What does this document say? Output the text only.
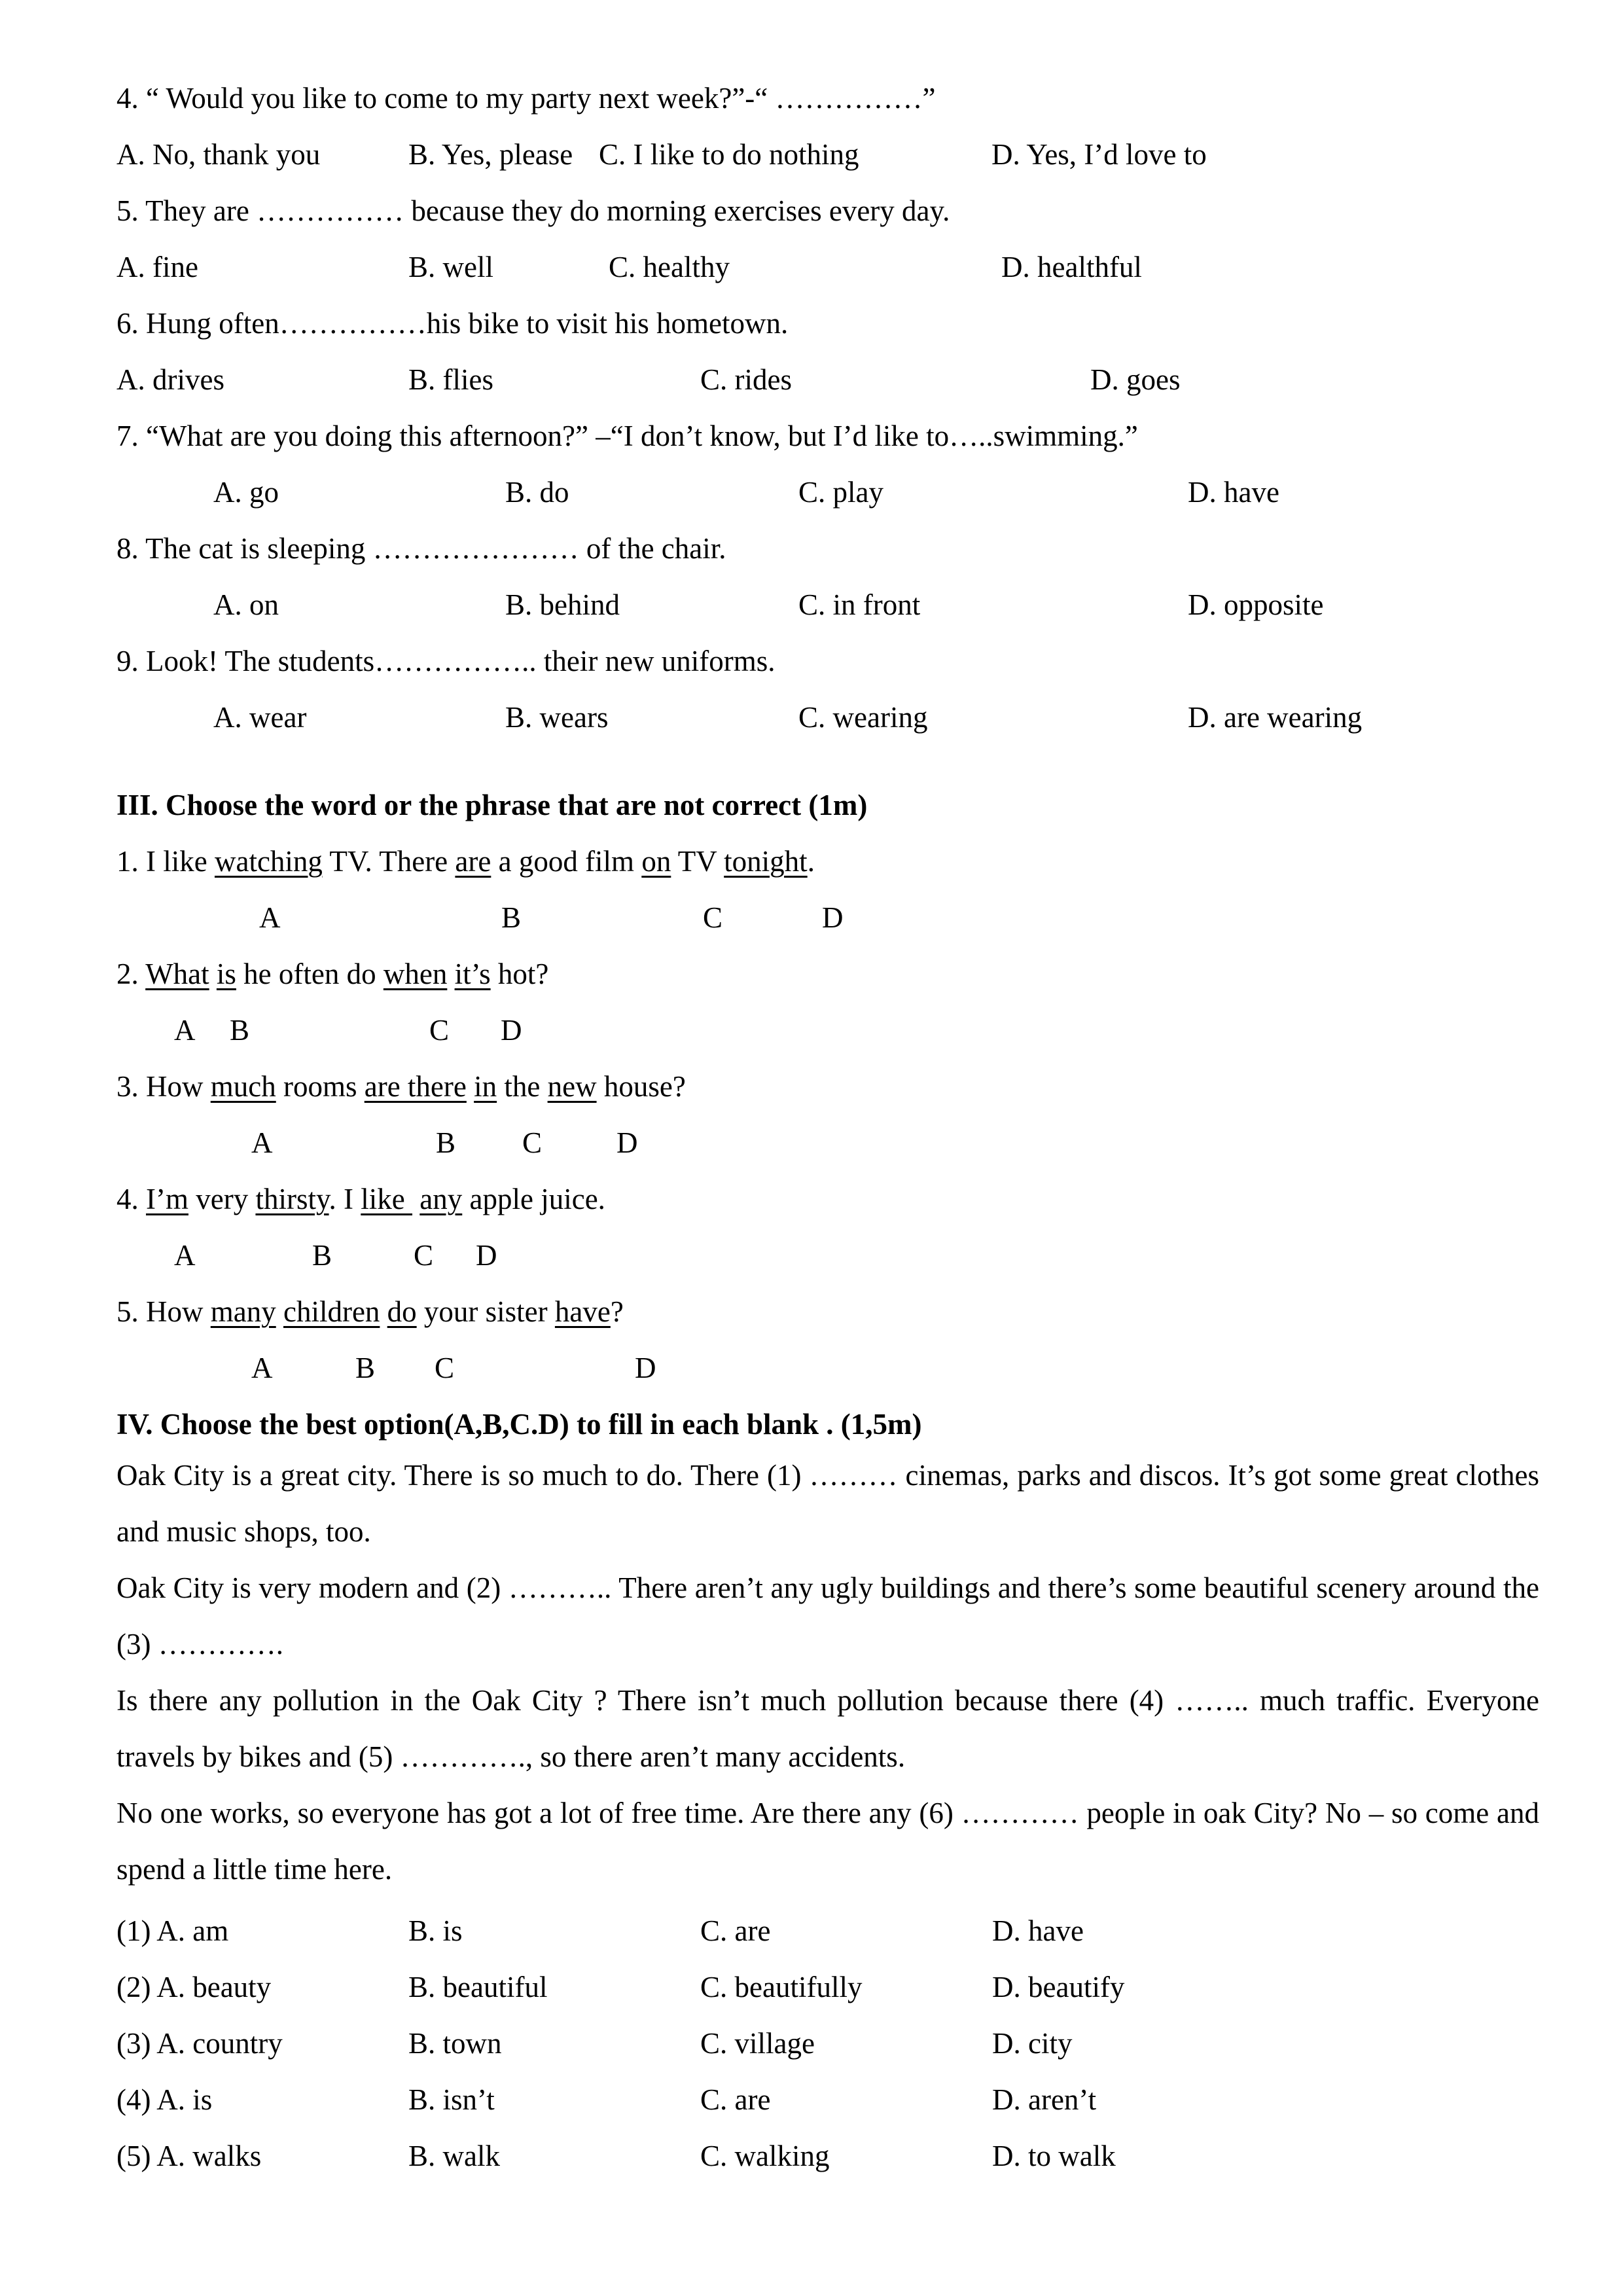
4. “ Would you like to come to my party next week?”-“ ……………”
A. No, thank you	B. Yes, please C. I like to do nothing	D. Yes, I’d love to
5. They are …………… because they do morning exercises every day.
A. fine	B. well	C. healthy	D. healthful
6. Hung often……………his bike to visit his hometown.
A. drives	B. flies	C. rides	D. goes
7. “What are you doing this afternoon?” –“I don’t know, but I’d like to…..swimming.”
A. go	B. do	C. play	D. have
8. The cat is sleeping ………………… of the chair.
A. on	B. behind	C. in front	D. opposite
9. Look! The students…………….. their new uniforms.
A. wear	B. wears	C. wearing	D. are wearing
III. Choose the word or the phrase that are not correct (1m)
1. I like watching TV. There are a good film on TV tonight.
A	B	C	D
2. What is he often do when it’s hot?
A B	C D
3. How much rooms are there in the new house?
A	B C	D
4. I’m very thirsty. I like  any apple juice.
A	B	C D
5. How many children do your sister have?
A	B C	D
IV. Choose the best option(A,B,C.D) to fill in each blank . (1,5m)

Oak City is a great city. There is so much to do. There (1) ……… cinemas, parks and discos. It’s got some great clothes and music shops, too.

Oak City is very modern and (2) ……….. There aren’t any ugly buildings and there’s some beautiful scenery around the (3) ………….

Is there any pollution in the Oak City ? There isn’t much pollution because there (4) …….. much traffic. Everyone travels by bikes and (5) …………., so there aren’t many accidents.

No one works, so everyone has got a lot of free time. Are there any (6) ………… people in oak City? No – so come and spend a little time here.

(1) A. am	B. is	C. are	D. have
(2) A. beauty	B. beautiful	C. beautifully	D. beautify
(3) A. country	B. town	C. village	D. city
(4) A. is	B. isn’t	C. are	D. aren’t
(5) A. walks	B. walk	C. walking	D. to walk
